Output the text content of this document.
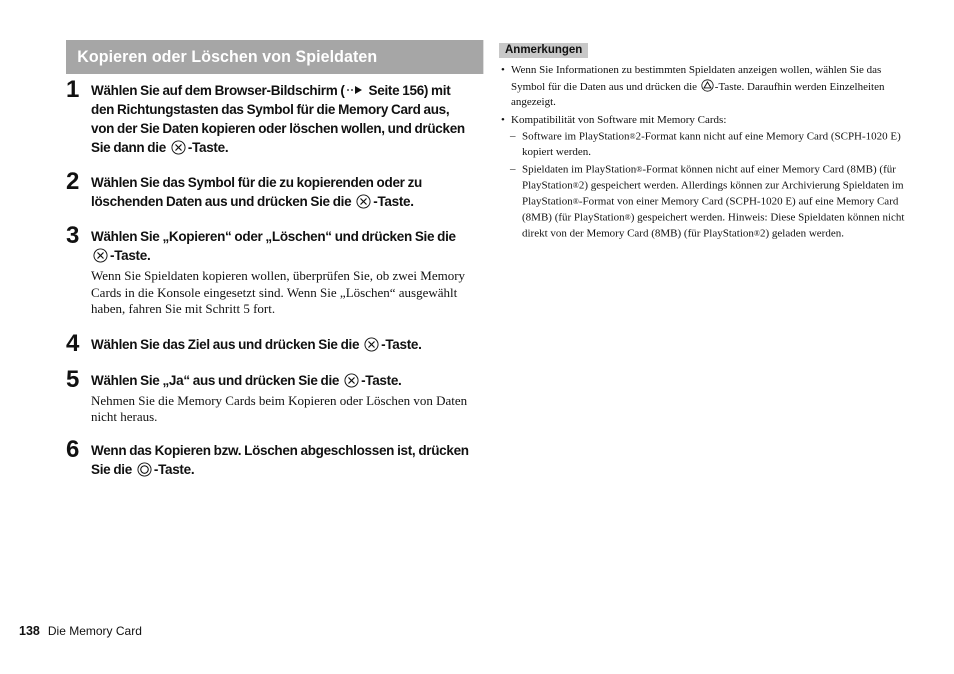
Kopieren oder Löschen von Spieldaten
1 Wählen Sie auf dem Browser-Bildschirm ( Seite 156) mit den Richtungstasten das Symbol für die Memory Card aus, von der Sie Daten kopieren oder löschen wollen, und drücken Sie dann die -Taste.
2 Wählen Sie das Symbol für die zu kopierenden oder zu löschenden Daten aus und drücken Sie die -Taste.
3 Wählen Sie „Kopieren“ oder „Löschen“ und drücken Sie die -Taste.
Wenn Sie Spieldaten kopieren wollen, überprüfen Sie, ob zwei Memory Cards in die Konsole eingesetzt sind. Wenn Sie „Löschen“ ausgewählt haben, fahren Sie mit Schritt 5 fort.
4 Wählen Sie das Ziel aus und drücken Sie die -Taste.
5 Wählen Sie „Ja“ aus und drücken Sie die -Taste.
Nehmen Sie die Memory Cards beim Kopieren oder Löschen von Daten nicht heraus.
6 Wenn das Kopieren bzw. Löschen abgeschlossen ist, drücken Sie die -Taste.
Anmerkungen
• Wenn Sie Informationen zu bestimmten Spieldaten anzeigen wollen, wählen Sie das Symbol für die Daten aus und drücken die -Taste. Daraufhin werden Einzelheiten angezeigt.
• Kompatibilität von Software mit Memory Cards:
– Software im PlayStation®2-Format kann nicht auf eine Memory Card (SCPH-1020 E) kopiert werden.
– Spieldaten im PlayStation®-Format können nicht auf einer Memory Card (8MB) (für PlayStation®2) gespeichert werden. Allerdings können zur Archivierung Spieldaten im PlayStation®-Format von einer Memory Card (SCPH-1020 E) auf eine Memory Card (8MB) (für PlayStation®) gespeichert werden. Hinweis: Diese Spieldaten können nicht direkt von der Memory Card (8MB) (für PlayStation®2) geladen werden.
138 Die Memory Card
